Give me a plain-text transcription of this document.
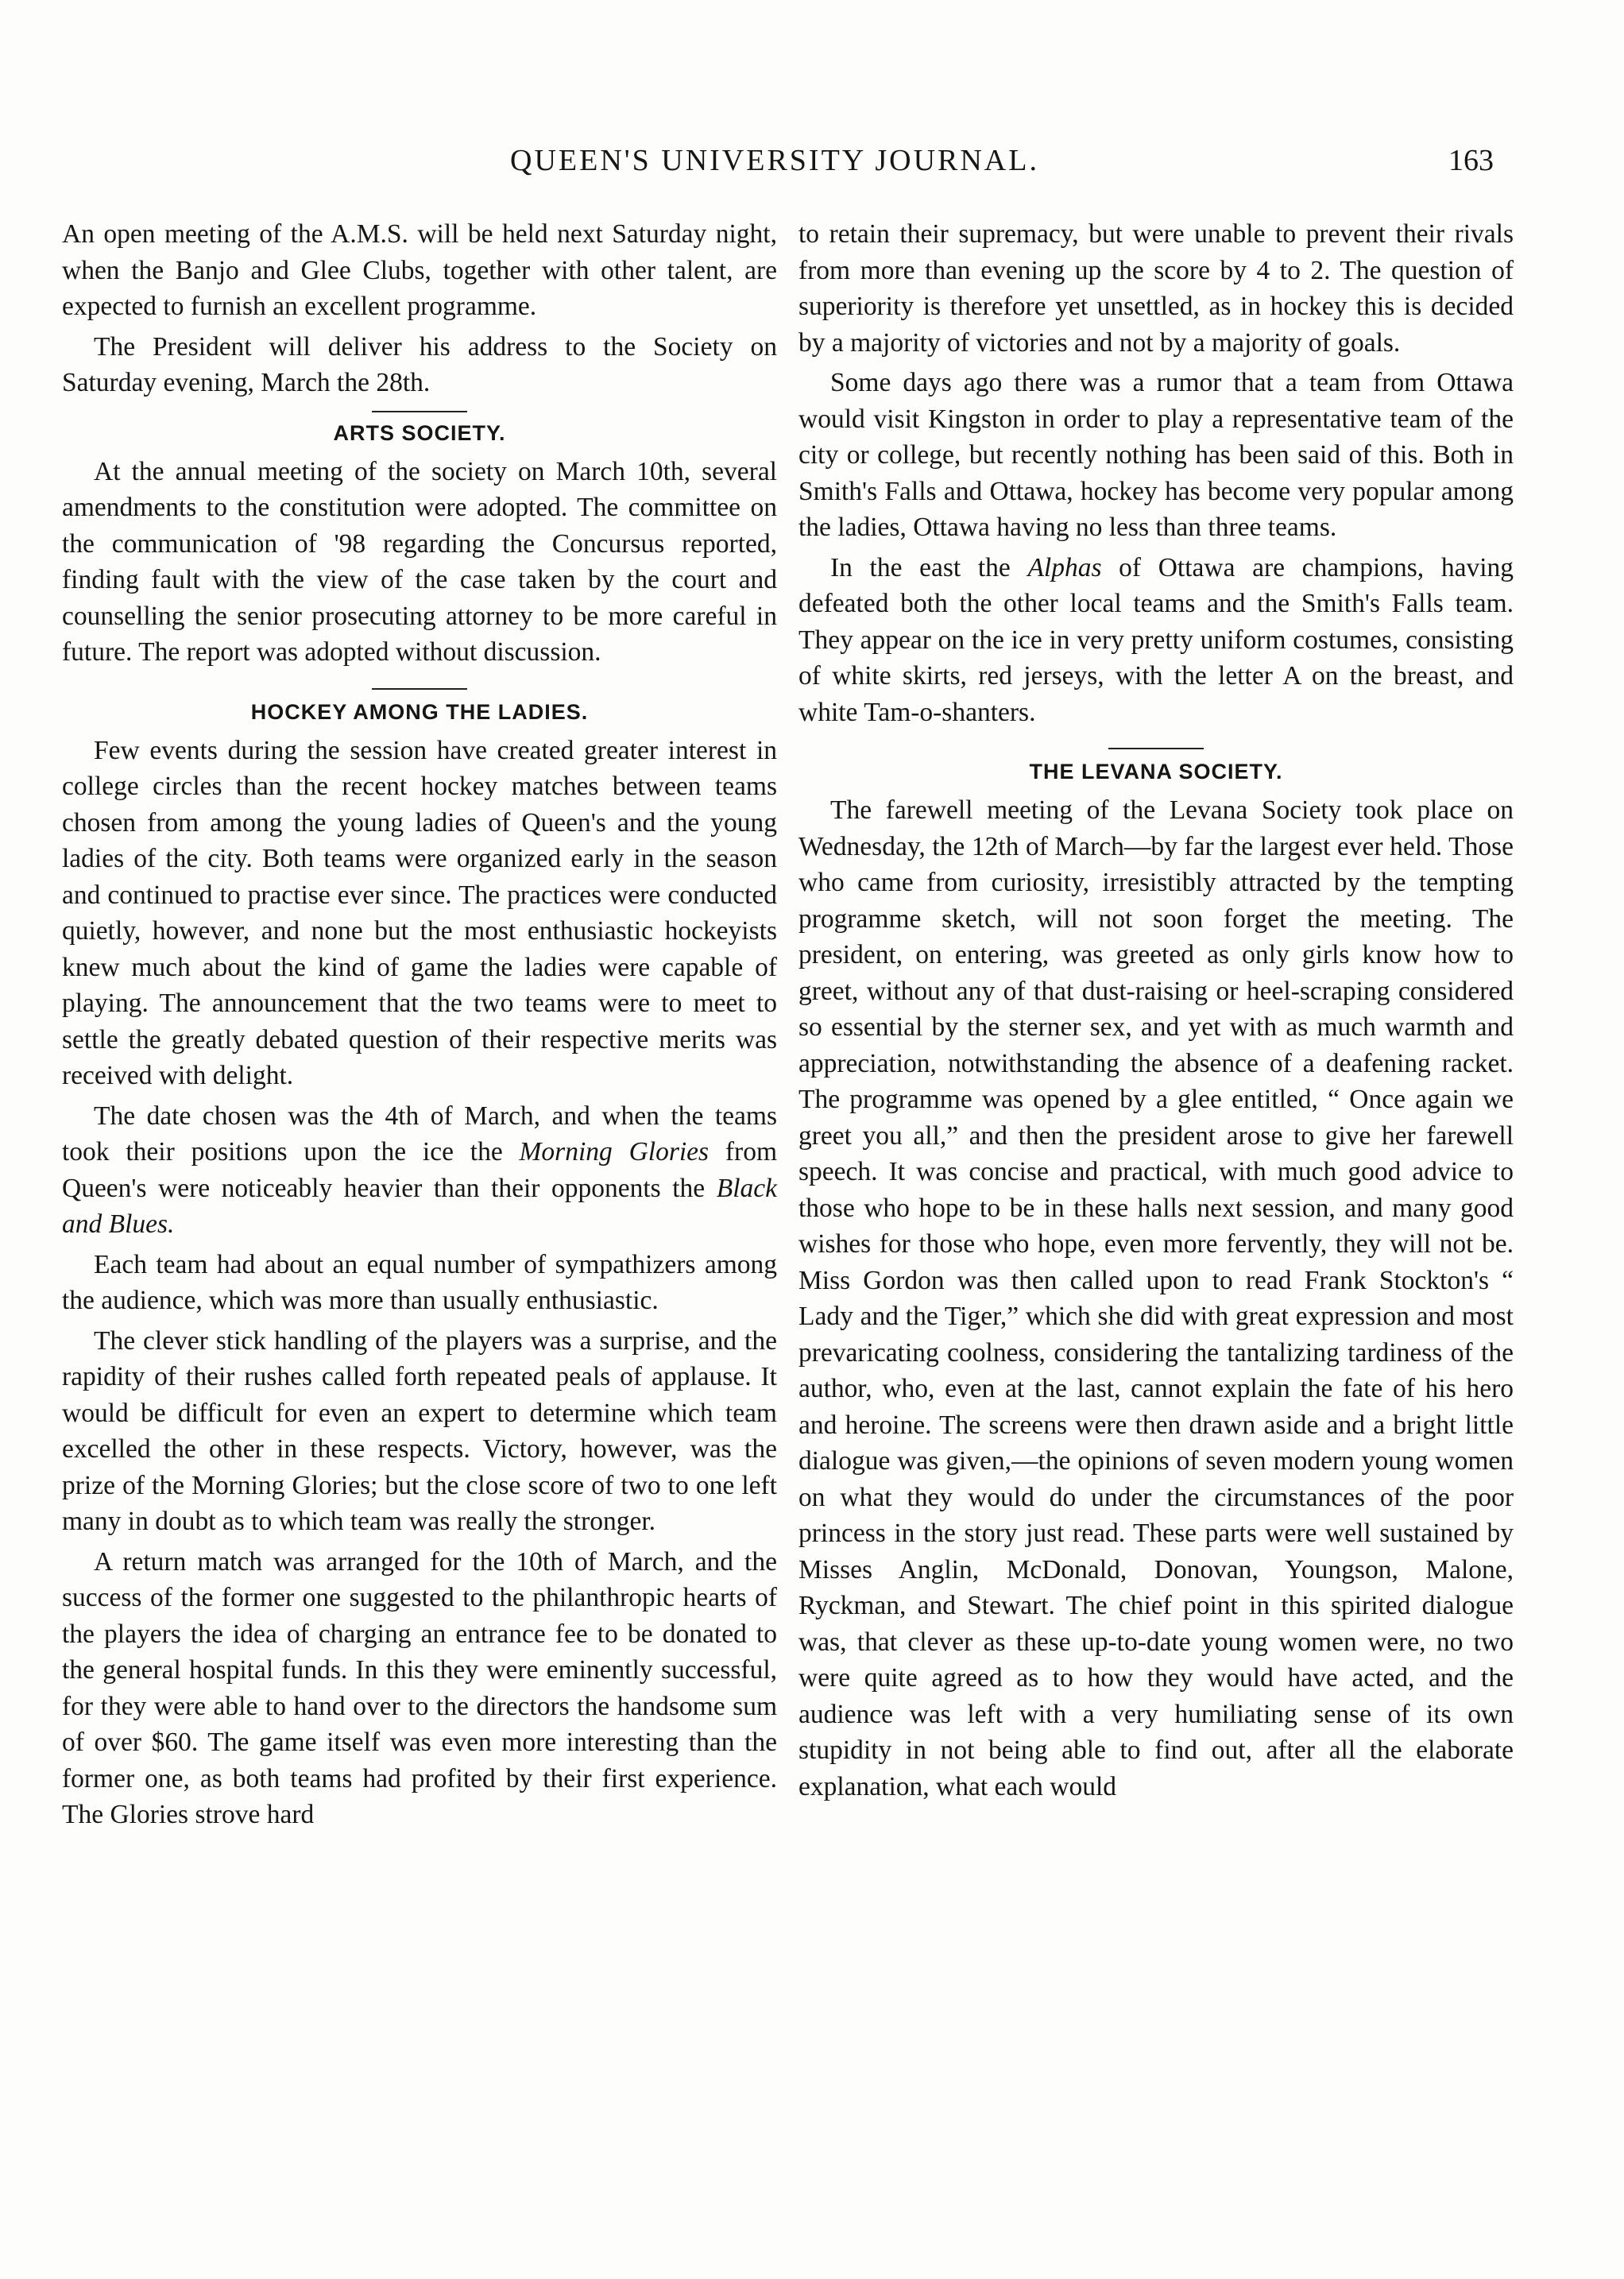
QUEEN'S UNIVERSITY JOURNAL.	163

An open meeting of the A.M.S. will be held next Saturday night, when the Banjo and Glee Clubs, together with other talent, are expected to furnish an excellent programme.

The President will deliver his address to the Society on Saturday evening, March the 28th.

ARTS SOCIETY.

At the annual meeting of the society on March 10th, several amendments to the constitution were adopted. The committee on the communication of '98 regarding the Concursus reported, finding fault with the view of the case taken by the court and counselling the senior prosecuting attorney to be more careful in future. The report was adopted without discussion.

HOCKEY AMONG THE LADIES.

Few events during the session have created greater interest in college circles than the recent hockey matches between teams chosen from among the young ladies of Queen's and the young ladies of the city. Both teams were organized early in the season and continued to practise ever since. The practices were conducted quietly, however, and none but the most enthusiastic hockeyists knew much about the kind of game the ladies were capable of playing. The announcement that the two teams were to meet to settle the greatly debated question of their respective merits was received with delight.

The date chosen was the 4th of March, and when the teams took their positions upon the ice the Morning Glories from Queen's were noticeably heavier than their opponents the Black and Blues.

Each team had about an equal number of sympathizers among the audience, which was more than usually enthusiastic.

The clever stick handling of the players was a surprise, and the rapidity of their rushes called forth repeated peals of applause. It would be difficult for even an expert to determine which team excelled the other in these respects. Victory, however, was the prize of the Morning Glories; but the close score of two to one left many in doubt as to which team was really the stronger.

A return match was arranged for the 10th of March, and the success of the former one suggested to the philanthropic hearts of the players the idea of charging an entrance fee to be donated to the general hospital funds. In this they were eminently successful, for they were able to hand over to the directors the handsome sum of over $60. The game itself was even more interesting than the former one, as both teams had profited by their first experience. The Glories strove hard

to retain their supremacy, but were unable to prevent their rivals from more than evening up the score by 4 to 2. The question of superiority is therefore yet unsettled, as in hockey this is decided by a majority of victories and not by a majority of goals.

Some days ago there was a rumor that a team from Ottawa would visit Kingston in order to play a representative team of the city or college, but recently nothing has been said of this. Both in Smith's Falls and Ottawa, hockey has become very popular among the ladies, Ottawa having no less than three teams.

In the east the Alphas of Ottawa are champions, having defeated both the other local teams and the Smith's Falls team. They appear on the ice in very pretty uniform costumes, consisting of white skirts, red jerseys, with the letter A on the breast, and white Tam-o-shanters.

THE LEVANA SOCIETY.

The farewell meeting of the Levana Society took place on Wednesday, the 12th of March—by far the largest ever held. Those who came from curiosity, irresistibly attracted by the tempting programme sketch, will not soon forget the meeting. The president, on entering, was greeted as only girls know how to greet, without any of that dust-raising or heel-scraping considered so essential by the sterner sex, and yet with as much warmth and appreciation, notwithstanding the absence of a deafening racket. The programme was opened by a glee entitled, “ Once again we greet you all,” and then the president arose to give her farewell speech. It was concise and practical, with much good advice to those who hope to be in these halls next session, and many good wishes for those who hope, even more fervently, they will not be. Miss Gordon was then called upon to read Frank Stockton's “ Lady and the Tiger,” which she did with great expression and most prevaricating coolness, considering the tantalizing tardiness of the author, who, even at the last, cannot explain the fate of his hero and heroine. The screens were then drawn aside and a bright little dialogue was given,—the opinions of seven modern young women on what they would do under the circumstances of the poor princess in the story just read. These parts were well sustained by Misses Anglin, McDonald, Donovan, Youngson, Malone, Ryckman, and Stewart. The chief point in this spirited dialogue was, that clever as these up-to-date young women were, no two were quite agreed as to how they would have acted, and the audience was left with a very humiliating sense of its own stupidity in not being able to find out, after all the elaborate explanation, what each would
